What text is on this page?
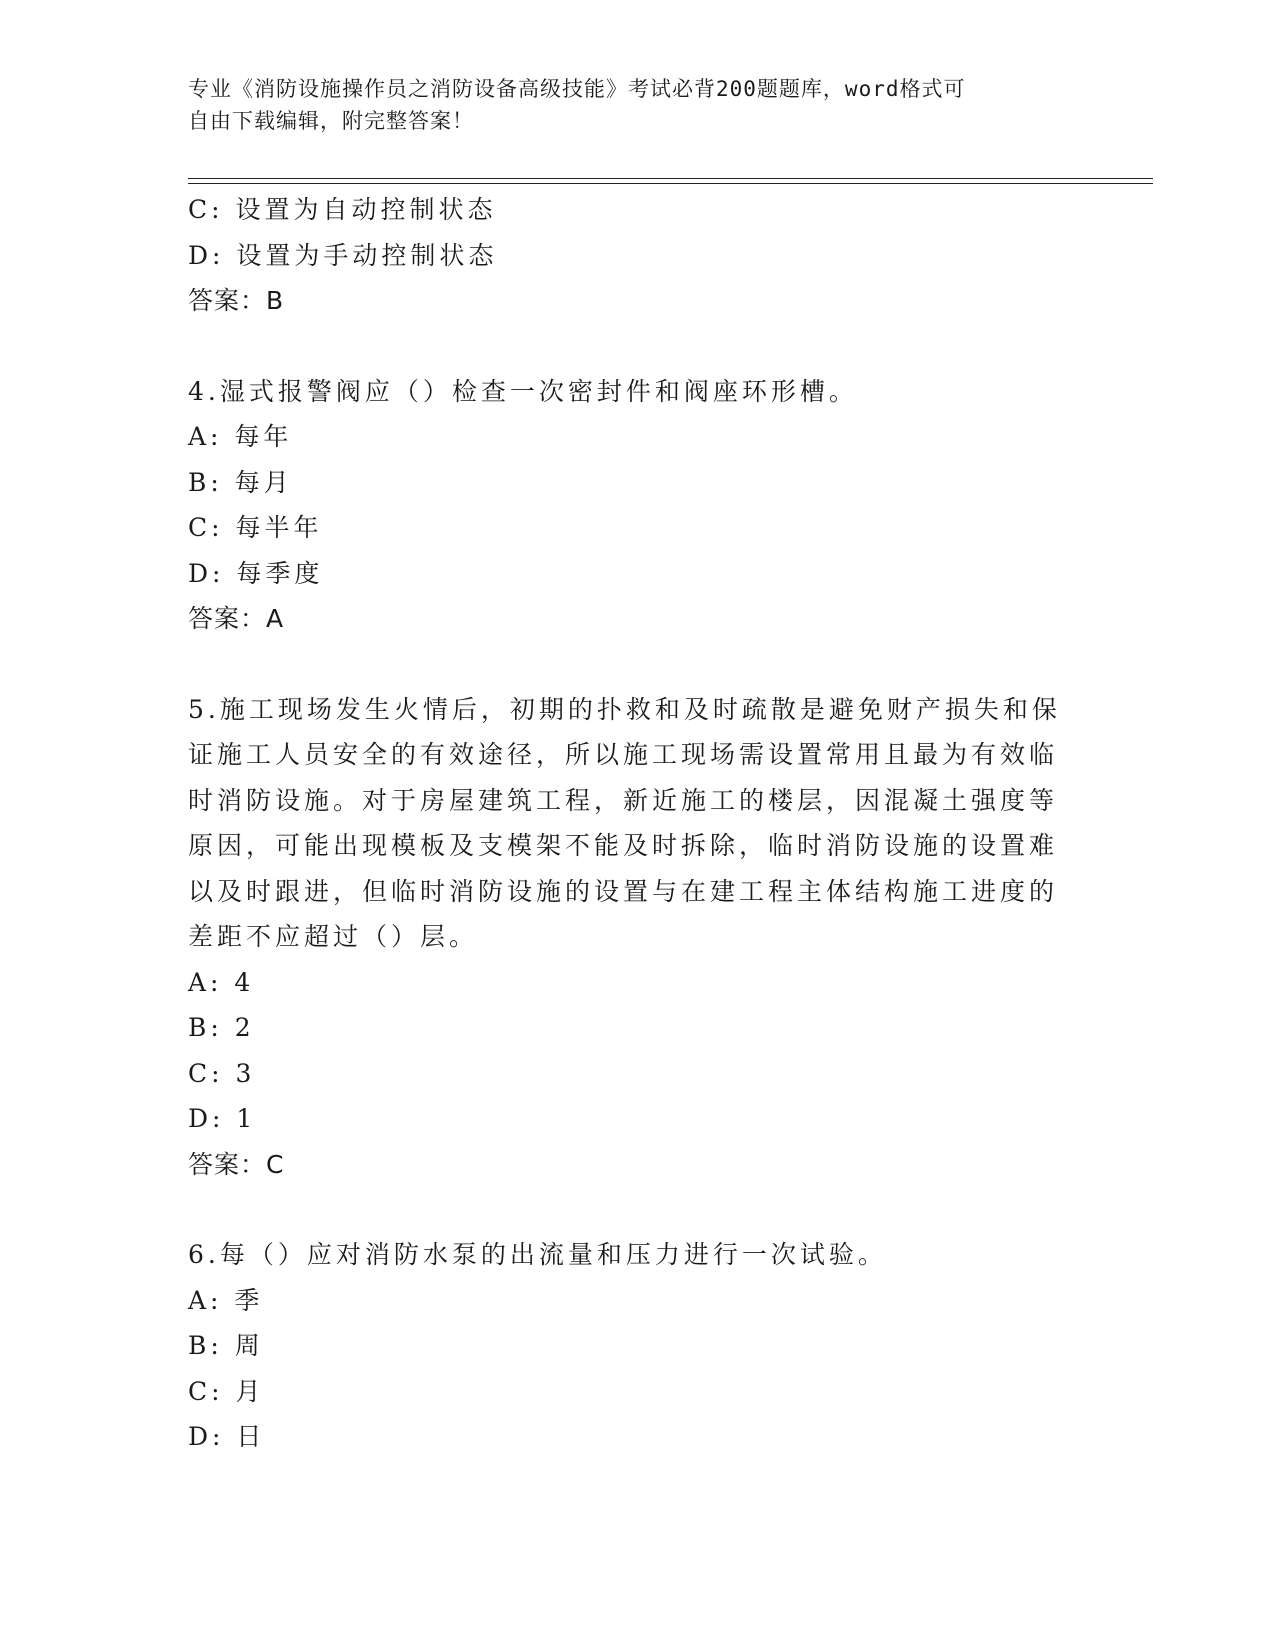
专业《消防设施操作员之消防设备高级技能》考试必背200题题库，word格式可
自由下载编辑，附完整答案！
C: 设置为自动控制状态
D: 设置为手动控制状态
答案：B
4.湿式报警阀应（）检查一次密封件和阀座环形槽。
A: 每年
B: 每月
C: 每半年
D: 每季度
答案：A
5.施工现场发生火情后，初期的扑救和及时疏散是避免财产损失和保
证施工人员安全的有效途径，所以施工现场需设置常用且最为有效临
时消防设施。对于房屋建筑工程，新近施工的楼层，因混凝土强度等
原因，可能出现模板及支模架不能及时拆除，临时消防设施的设置难
以及时跟进，但临时消防设施的设置与在建工程主体结构施工进度的
差距不应超过（）层。
A: 4
B: 2
C: 3
D: 1
答案：C
6.每（）应对消防水泵的出流量和压力进行一次试验。
A: 季
B: 周
C: 月
D: 日
